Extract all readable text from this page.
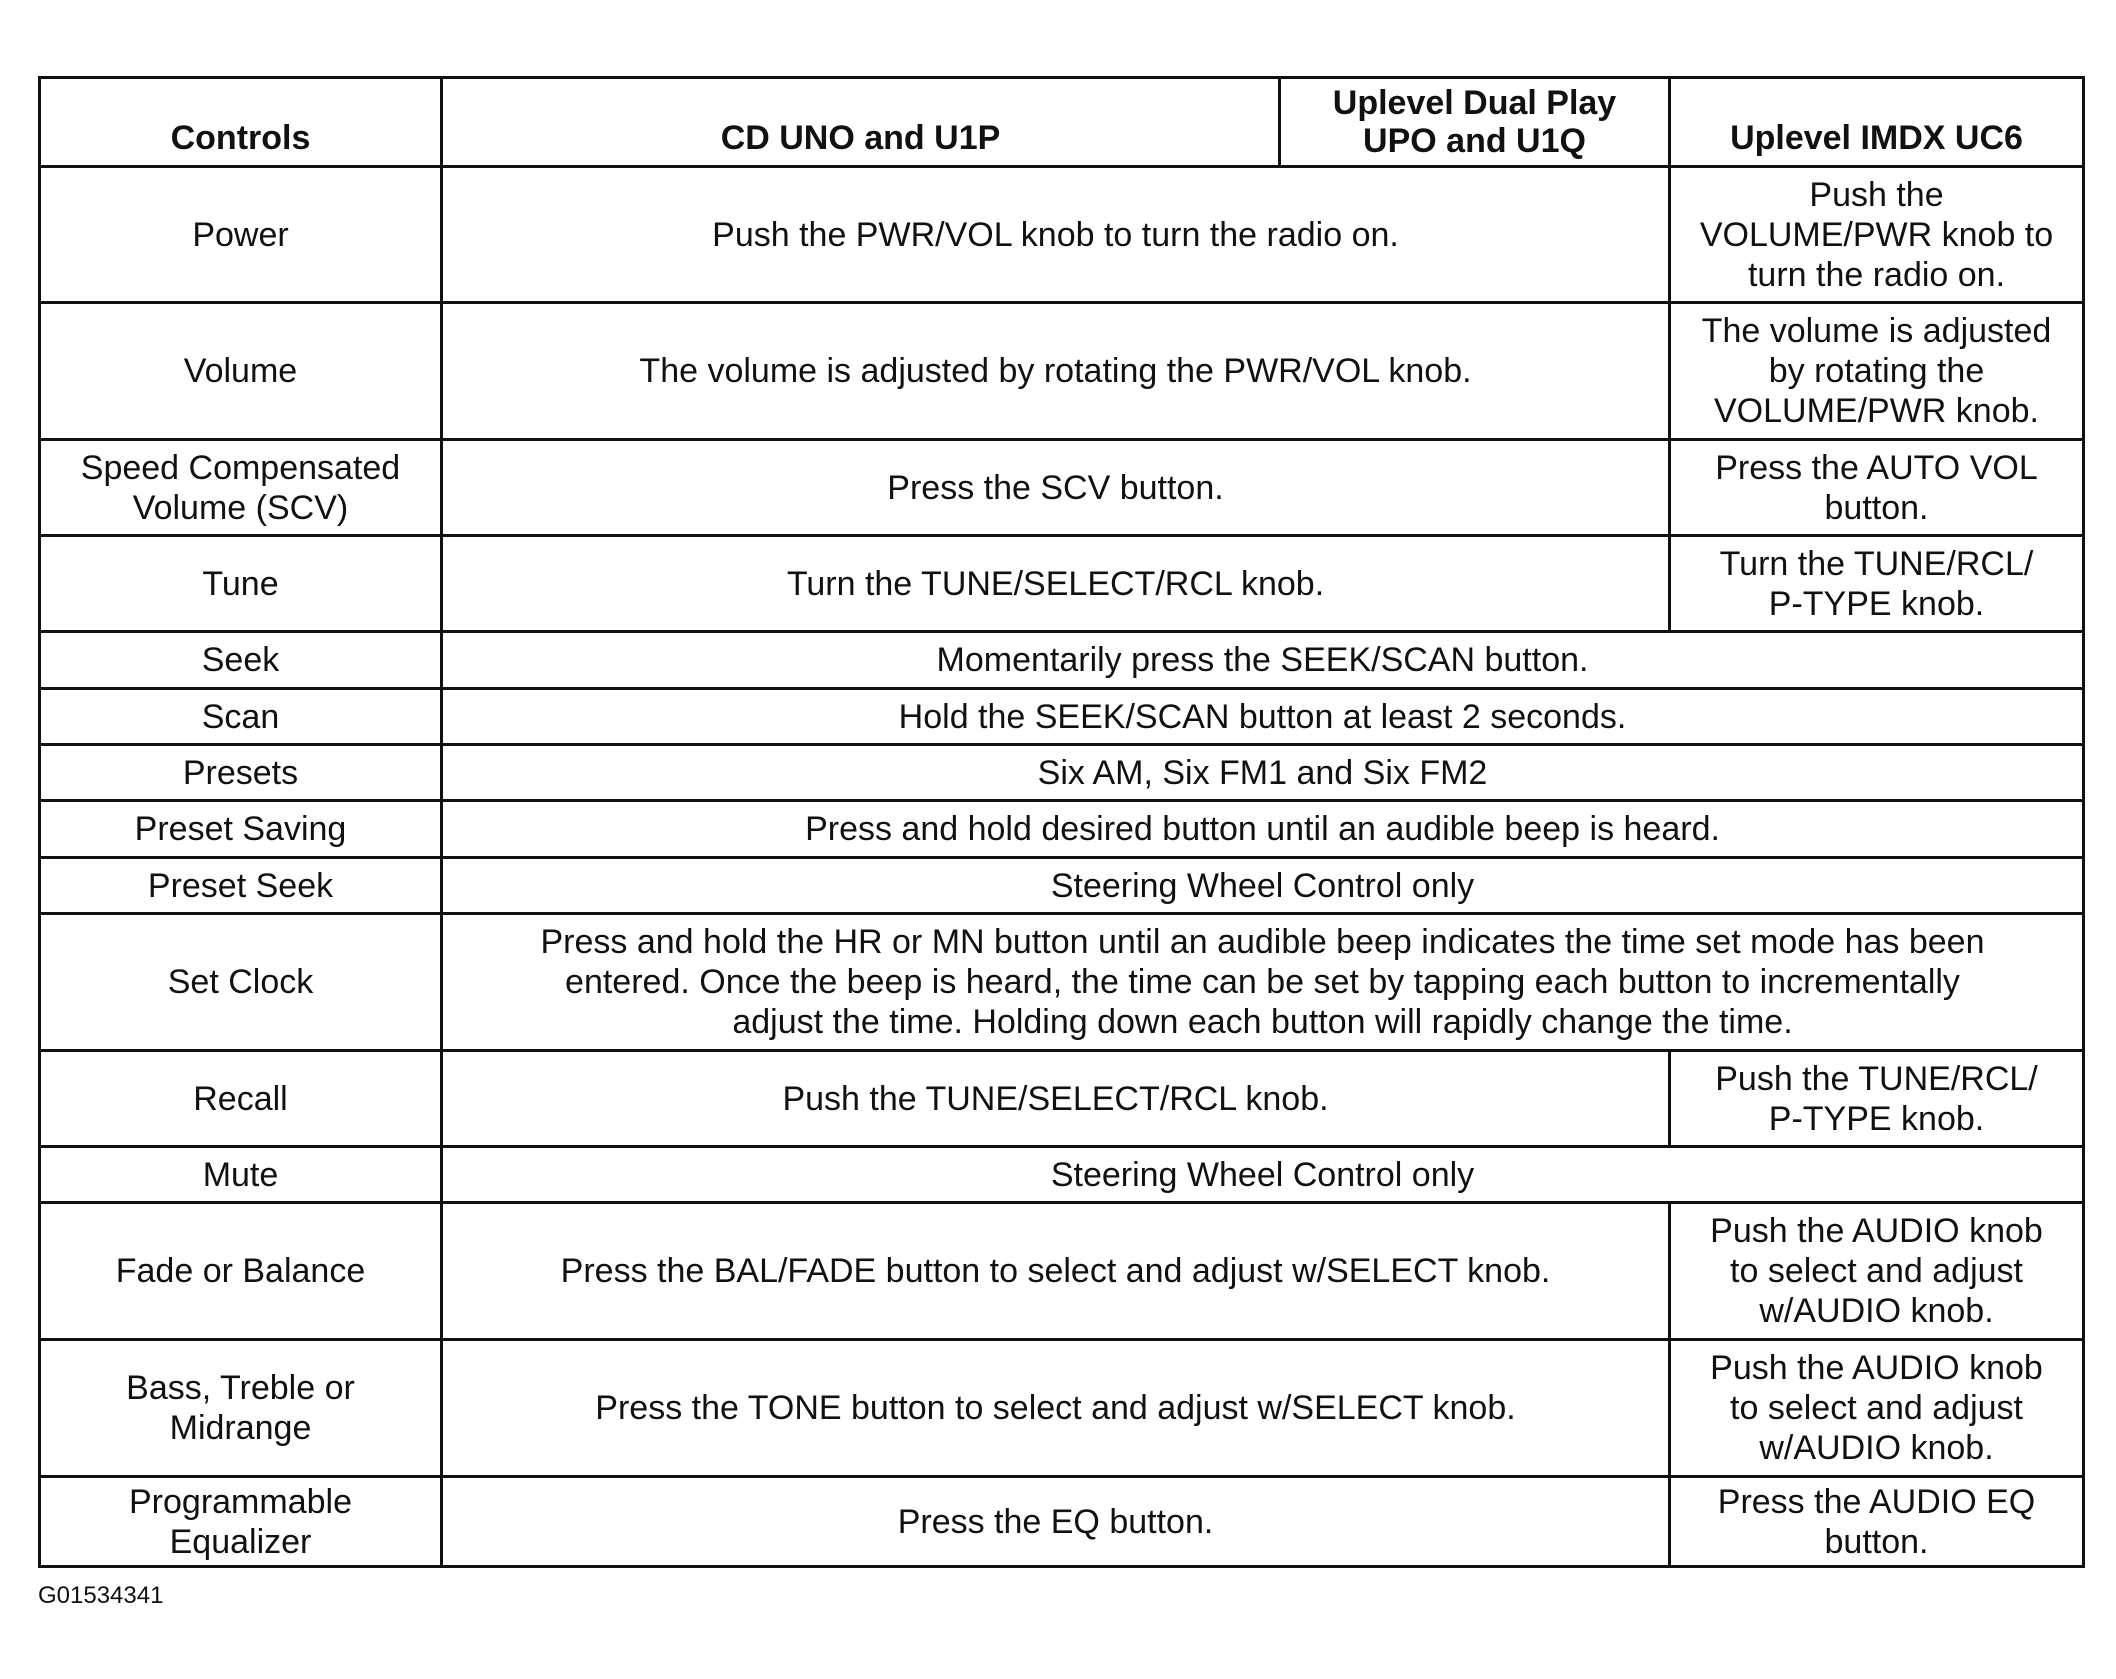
Controls	CD UNO and U1P	Uplevel Dual Play
UPO and U1Q	Uplevel IMDX UC6
Power	Push the PWR/VOL knob to turn the radio on.		Push the
VOLUME/PWR knob to
turn the radio on.

Volume	The volume is adjusted by rotating the PWR/VOL knob.		The volume is adjusted
by rotating the
VOLUME/PWR knob.

Speed Compensated
Volume (SCV)	Press the SCV button.		Press the AUTO VOL
button.

Tune	Turn the TUNE/SELECT/RCL knob.		Turn the TUNE/RCL/
P-TYPE knob.

Seek	Momentarily press the SEEK/SCAN button.		
Scan	Hold the SEEK/SCAN button at least 2 seconds.		
Presets	Six AM, Six FM1 and Six FM2		
Preset Saving	Press and hold desired button until an audible beep is heard.		
Preset Seek	Steering Wheel Control only		
Set Clock	Press and hold the HR or MN button until an audible beep indicates the time set mode has been
entered. Once the beep is heard, the time can be set by tapping each button to incrementally
adjust the time. Holding down each button will rapidly change the time.		

Recall	Push the TUNE/SELECT/RCL knob.		Push the TUNE/RCL/
P-TYPE knob.

Mute	Steering Wheel Control only		
Fade or Balance	Press the BAL/FADE button to select and adjust w/SELECT knob.		Push the AUDIO knob
to select and adjust
w/AUDIO knob.

Bass, Treble or
Midrange	Press the TONE button to select and adjust w/SELECT knob.		Push the AUDIO knob
to select and adjust
w/AUDIO knob.

Programmable
Equalizer	Press the EQ button.		Press the AUDIO EQ
button.
G01534341
